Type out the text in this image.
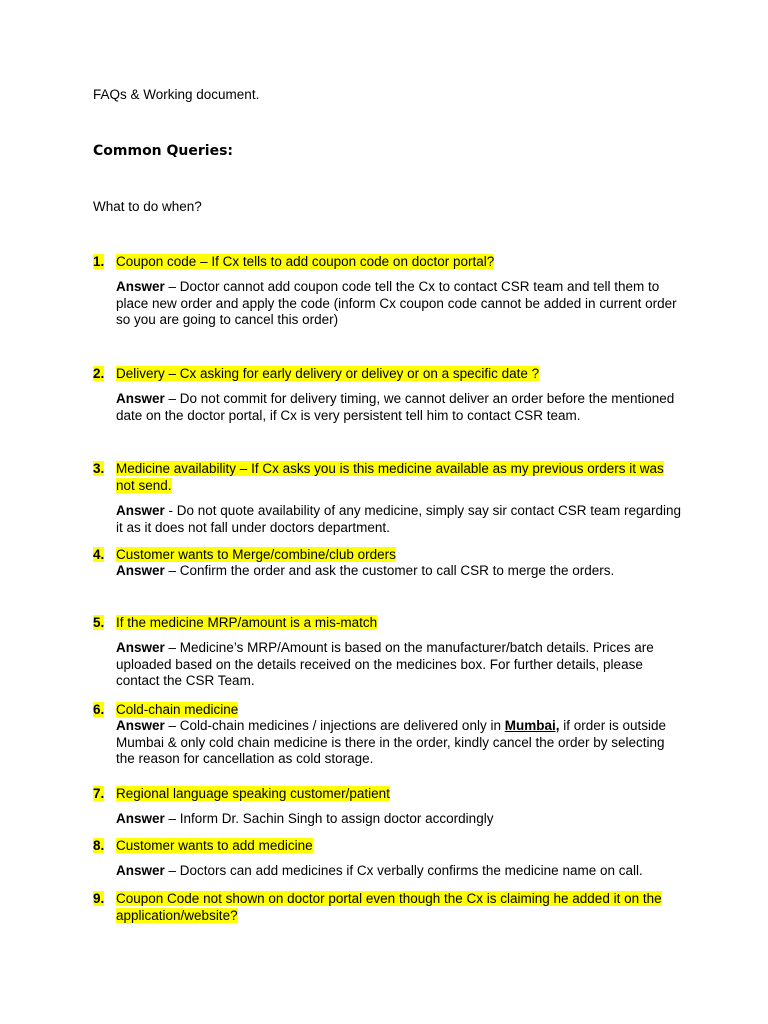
FAQs & Working document.
Common Queries:
What to do when?
1. Coupon code – If Cx tells to add coupon code on doctor portal?
Answer – Doctor cannot add coupon code tell the Cx to contact CSR team and tell them to place new order and apply the code (inform Cx coupon code cannot be added in current order so you are going to cancel this order)
2. Delivery – Cx asking for early delivery or delivey or on a specific date ?
Answer – Do not commit for delivery timing, we cannot deliver an order before the mentioned date on the doctor portal, if Cx is very persistent tell him to contact CSR team.
3. Medicine availability – If Cx asks you is this medicine available as my previous orders it was not send.
Answer - Do not quote availability of any medicine, simply say sir contact CSR team regarding it as it does not fall under doctors department.
4. Customer wants to Merge/combine/club orders
Answer – Confirm the order and ask the customer to call CSR to merge the orders.
5. If the medicine MRP/amount is a mis-match
Answer – Medicine’s MRP/Amount is based on the manufacturer/batch details. Prices are uploaded based on the details received on the medicines box. For further details, please contact the CSR Team.
6. Cold-chain medicine
Answer – Cold-chain medicines / injections are delivered only in Mumbai, if order is outside Mumbai & only cold chain medicine is there in the order, kindly cancel the order by selecting the reason for cancellation as cold storage.
7. Regional language speaking customer/patient
Answer – Inform Dr. Sachin Singh to assign doctor accordingly
8. Customer wants to add medicine
Answer – Doctors can add medicines if Cx verbally confirms the medicine name on call.
9. Coupon Code not shown on doctor portal even though the Cx is claiming he added it on the application/website?
